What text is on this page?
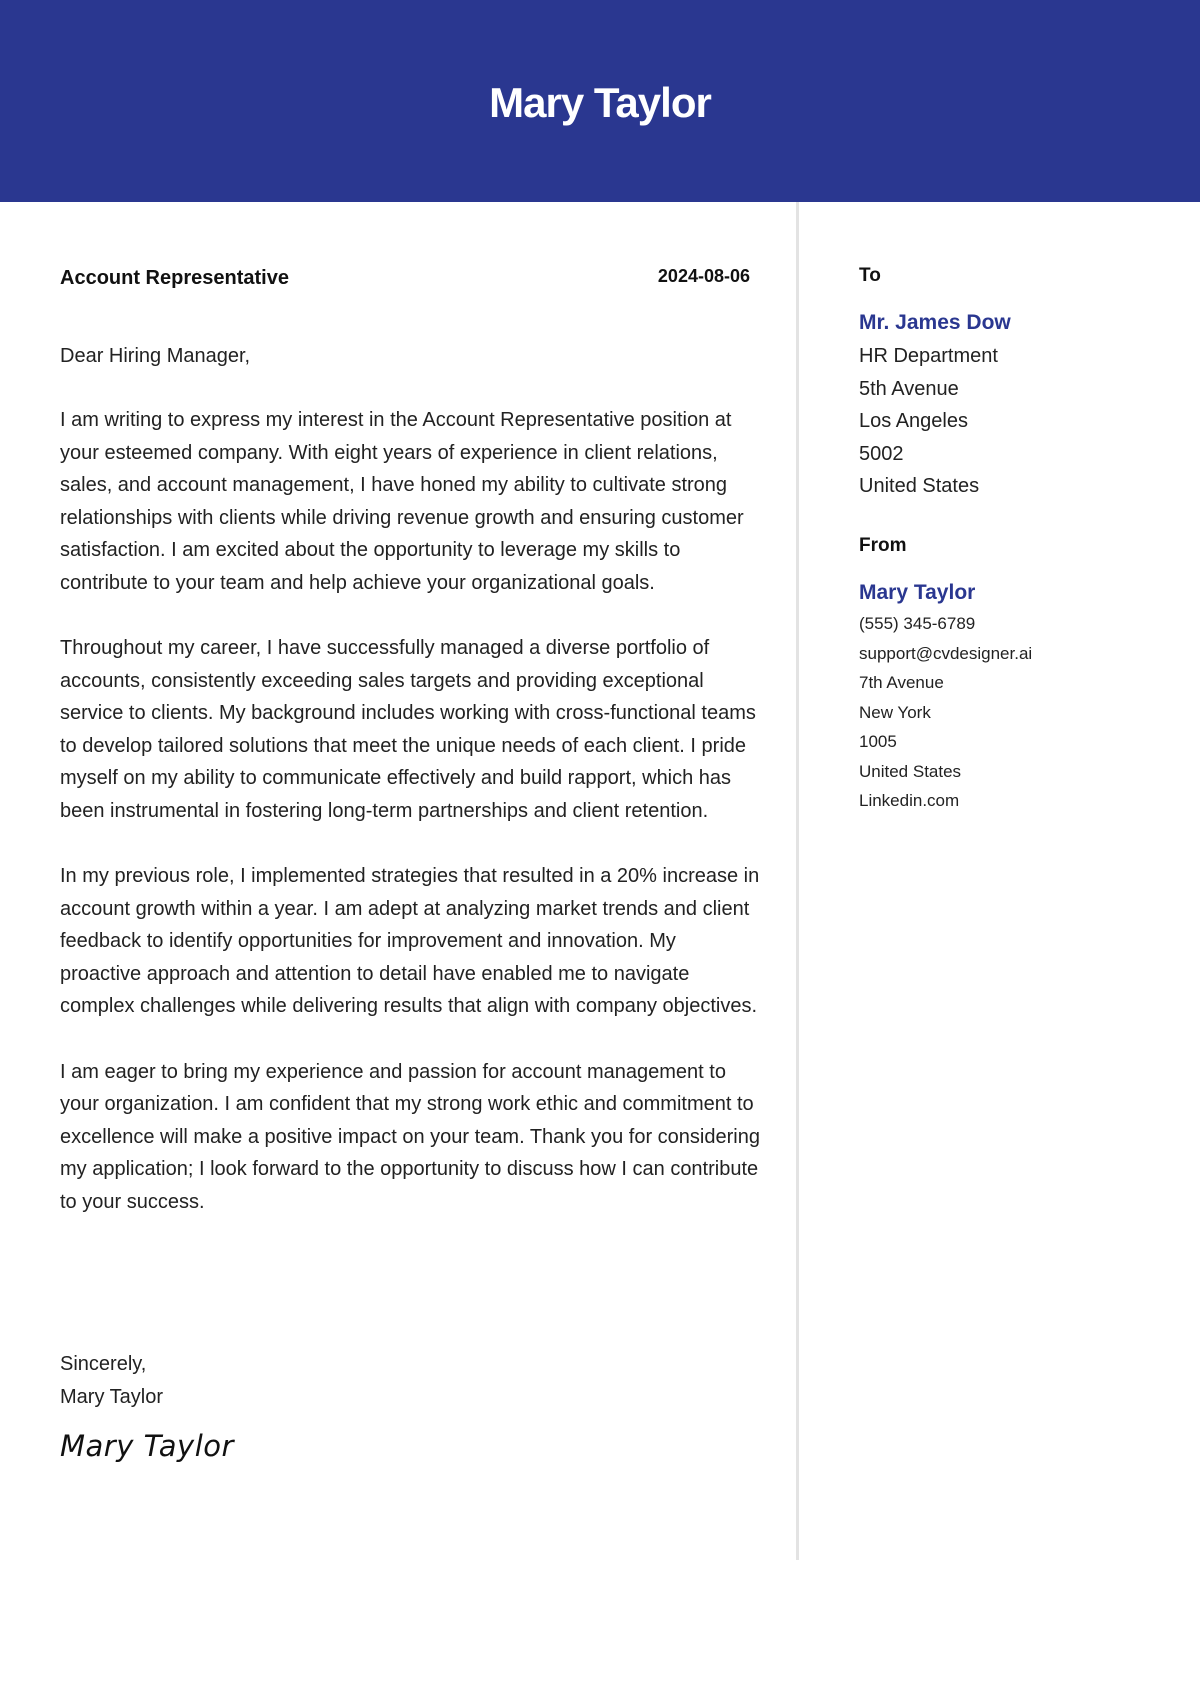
Mary Taylor
Account Representative	2024-08-06
Dear Hiring Manager,

I am writing to express my interest in the Account Representative position at your esteemed company. With eight years of experience in client relations, sales, and account management, I have honed my ability to cultivate strong relationships with clients while driving revenue growth and ensuring customer satisfaction. I am excited about the opportunity to leverage my skills to contribute to your team and help achieve your organizational goals.

Throughout my career, I have successfully managed a diverse portfolio of accounts, consistently exceeding sales targets and providing exceptional service to clients. My background includes working with cross-functional teams to develop tailored solutions that meet the unique needs of each client. I pride myself on my ability to communicate effectively and build rapport, which has been instrumental in fostering long-term partnerships and client retention.

In my previous role, I implemented strategies that resulted in a 20% increase in account growth within a year. I am adept at analyzing market trends and client feedback to identify opportunities for improvement and innovation. My proactive approach and attention to detail have enabled me to navigate complex challenges while delivering results that align with company objectives.

I am eager to bring my experience and passion for account management to your organization. I am confident that my strong work ethic and commitment to excellence will make a positive impact on your team. Thank you for considering my application; I look forward to the opportunity to discuss how I can contribute to your success.

Sincerely,
Mary Taylor
Mary Taylor
To
Mr. James Dow
HR Department
5th Avenue
Los Angeles
5002
United States
From
Mary Taylor
(555) 345-6789
support@cvdesigner.ai
7th Avenue
New York
1005
United States
Linkedin.com
